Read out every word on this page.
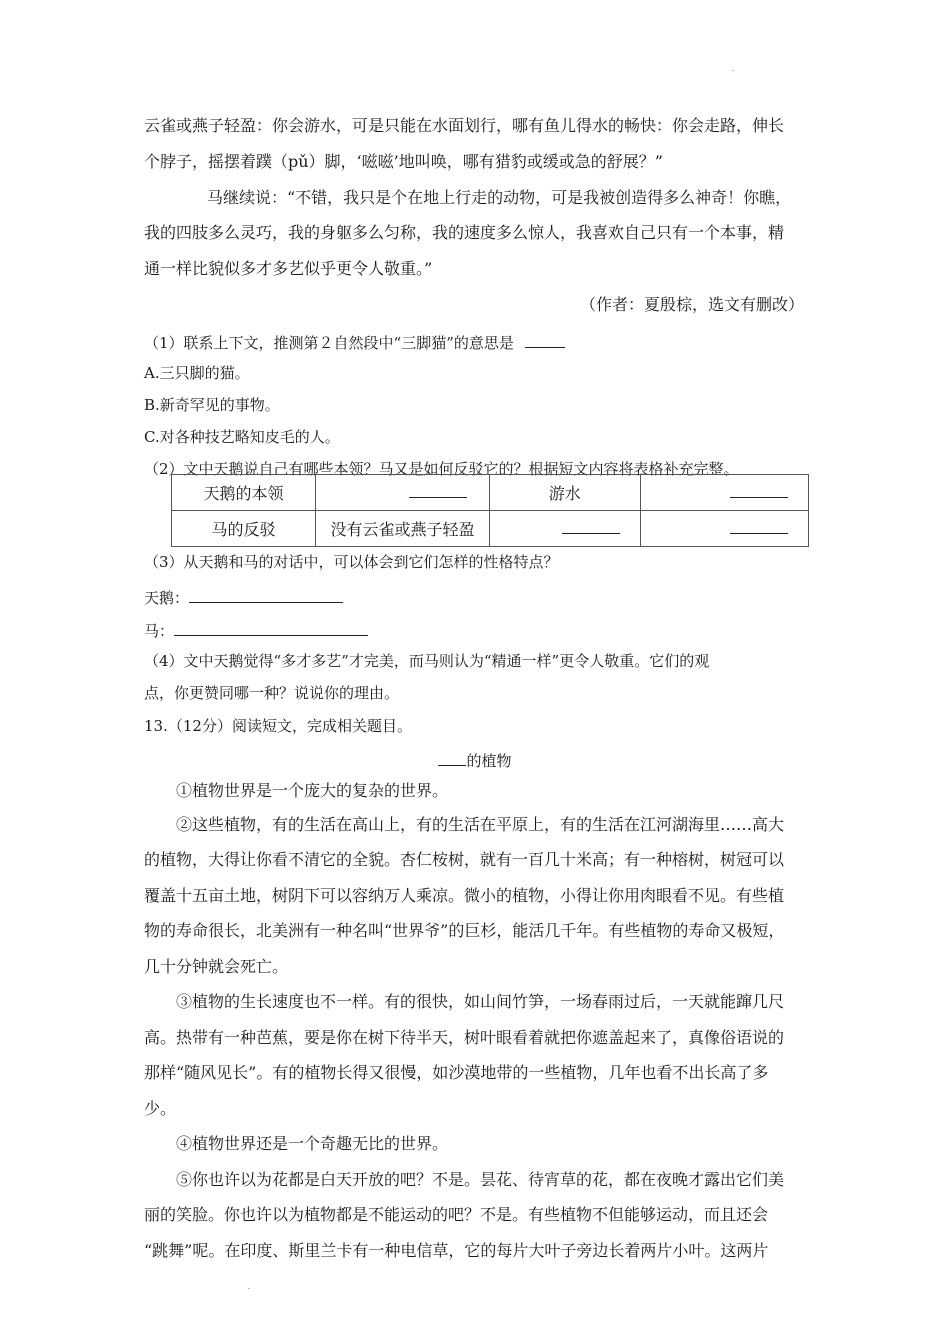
云雀或燕子轻盈：你会游水，可是只能在水面划行，哪有鱼儿得水的畅快：你会走路，伸长
个脖子，摇摆着蹼（pǔ）脚，‘嗞嗞’地叫唤，哪有猎豹或缓或急的舒展？”
马继续说：“不错，我只是个在地上行走的动物，可是我被创造得多么神奇！你瞧，
我的四肢多么灵巧，我的身躯多么匀称，我的速度多么惊人，我喜欢自己只有一个本事，精
通一样比貌似多才多艺似乎更令人敬重。”
（作者：夏殷棕，选文有删改）
（1）联系上下文，推测第２自然段中“三脚猫”的意思是
A.三只脚的猫。
B.新奇罕见的事物。
C.对各种技艺略知皮毛的人。
（2）文中天鹅说自己有哪些本领？马又是如何反驳它的？根据短文内容将表格补充完整。
天鹅的本领		游水	
马的反驳	没有云雀或燕子轻盈		
（3）从天鹅和马的对话中，可以体会到它们怎样的性格特点？
天鹅：
马：
（4）文中天鹅觉得“多才多艺”才完美，而马则认为“精通一样”更令人敬重。它们的观
点，你更赞同哪一种？说说你的理由。
13.（12分）阅读短文，完成相关题目。
的植物
①植物世界是一个庞大的复杂的世界。
②这些植物，有的生活在高山上，有的生活在平原上，有的生活在江河湖海里……高大
的植物，大得让你看不清它的全貌。杏仁桉树，就有一百几十米高；有一种榕树，树冠可以
覆盖十五亩土地，树阴下可以容纳万人乘凉。微小的植物，小得让你用肉眼看不见。有些植
物的寿命很长，北美洲有一种名叫“世界爷”的巨杉，能活几千年。有些植物的寿命又极短，
几十分钟就会死亡。
③植物的生长速度也不一样。有的很快，如山间竹笋，一场春雨过后，一天就能蹿几尺
高。热带有一种芭蕉，要是你在树下待半天，树叶眼看着就把你遮盖起来了，真像俗语说的
那样“随风见长”。有的植物长得又很慢，如沙漠地带的一些植物，几年也看不出长高了多
少。
④植物世界还是一个奇趣无比的世界。
⑤你也许以为花都是白天开放的吧？不是。昙花、待宵草的花，都在夜晚才露出它们美
丽的笑脸。你也许以为植物都是不能运动的吧？不是。有些植物不但能够运动，而且还会
“跳舞”呢。在印度、斯里兰卡有一种电信草，它的每片大叶子旁边长着两片小叶。这两片
